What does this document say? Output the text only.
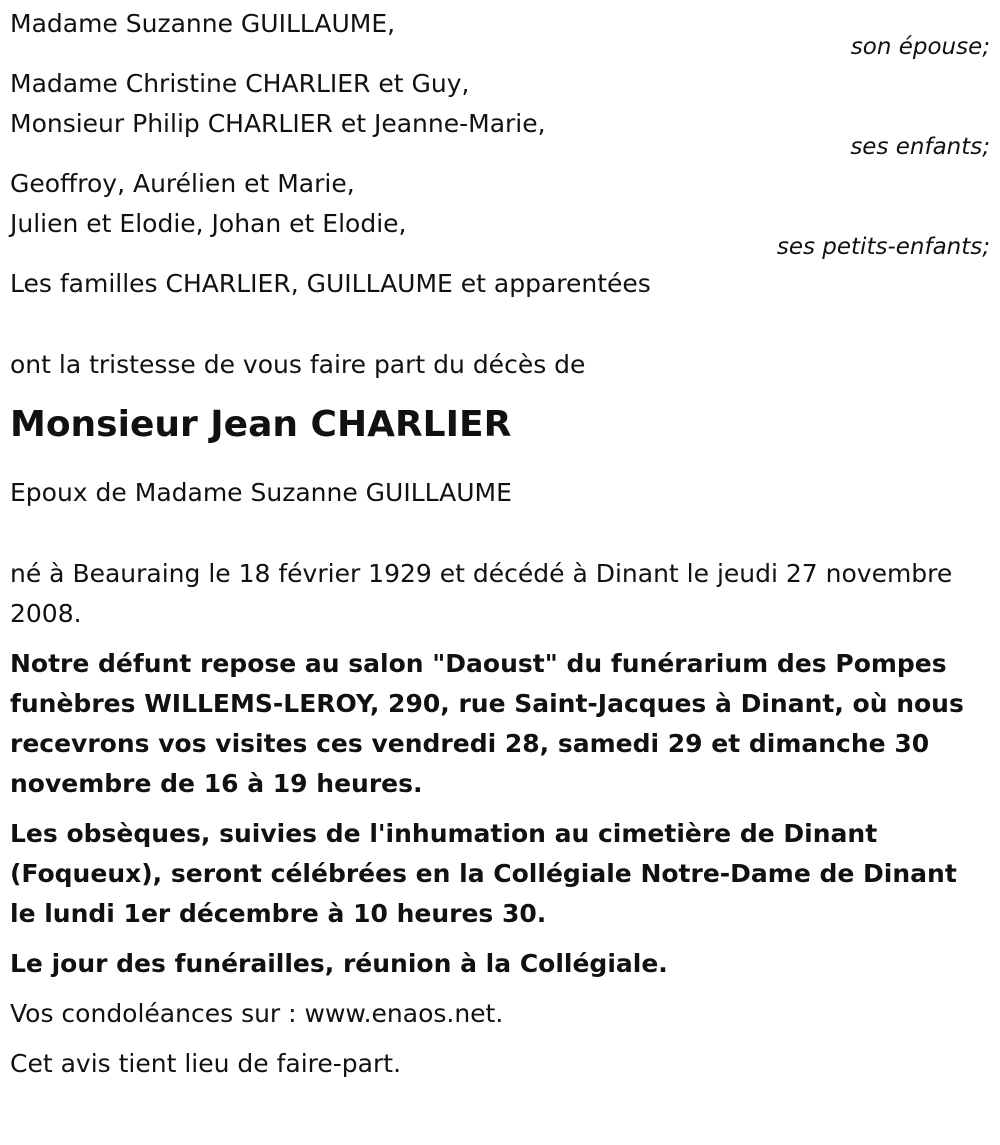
Madame Suzanne GUILLAUME,
son épouse;
Madame Christine CHARLIER et Guy,
Monsieur Philip CHARLIER et Jeanne-Marie,
ses enfants;
Geoffroy, Aurélien et Marie,
Julien et Elodie, Johan et Elodie,
ses petits-enfants;
Les familles CHARLIER, GUILLAUME et apparentées
ont la tristesse de vous faire part du décès de
Monsieur Jean CHARLIER
Epoux de Madame Suzanne GUILLAUME
né à Beauraing le 18 février 1929 et décédé à Dinant le jeudi 27 novembre 2008.
Notre défunt repose au salon "Daoust" du funérarium des Pompes funèbres WILLEMS-LEROY, 290, rue Saint-Jacques à Dinant, où nous recevrons vos visites ces vendredi 28, samedi 29 et dimanche 30 novembre de 16 à 19 heures.
Les obsèques, suivies de l'inhumation au cimetière de Dinant (Foqueux), seront célébrées en la Collégiale Notre-Dame de Dinant le lundi 1er décembre à 10 heures 30.
Le jour des funérailles, réunion à la Collégiale.
Vos condoléances sur : www.enaos.net.
Cet avis tient lieu de faire-part.
